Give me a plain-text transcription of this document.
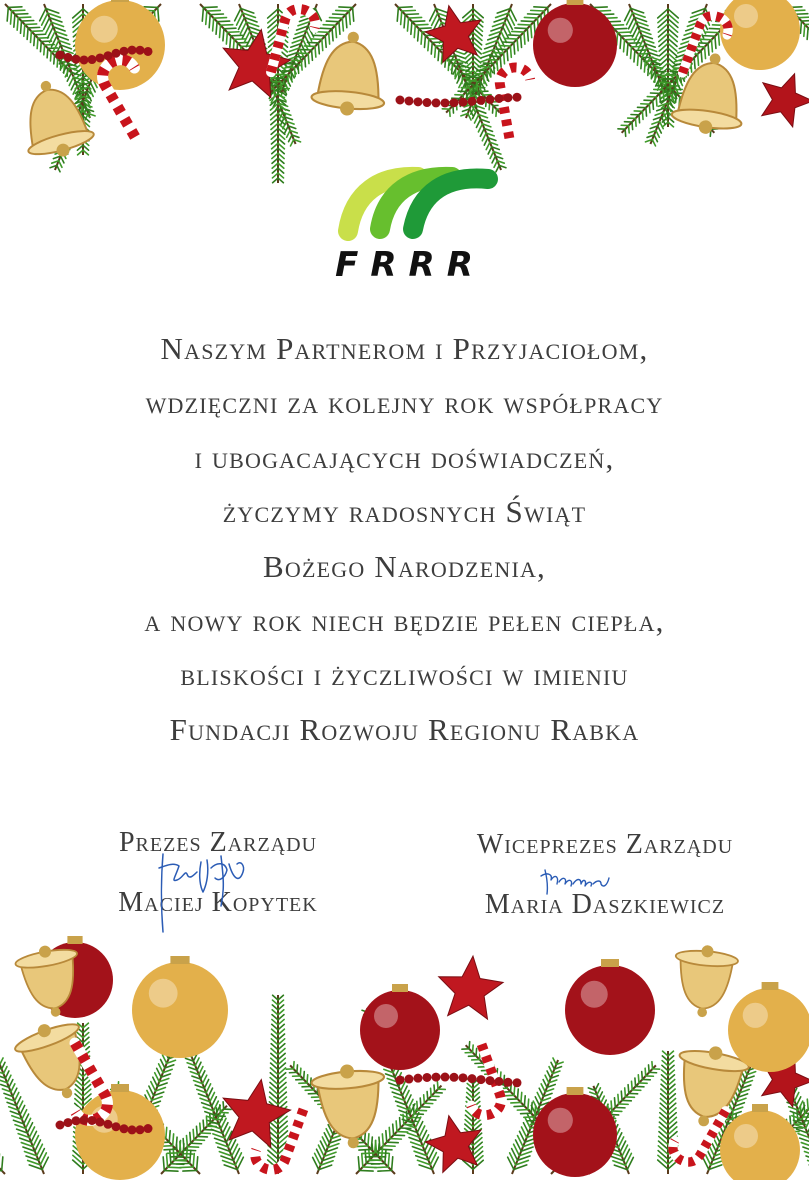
FRRR
Naszym Partnerom i Przyjaciołom,
wdzięczni za kolejny rok współpracy
i ubogacających doświadczeń,
życzymy radosnych Świąt
Bożego Narodzenia,
a nowy rok niech będzie pełen ciepła,
bliskości i życzliwości w imieniu
Fundacji Rozwoju Regionu Rabka
Prezes Zarządu
Maciej Kopytek
Wiceprezes Zarządu
Maria Daszkiewicz
